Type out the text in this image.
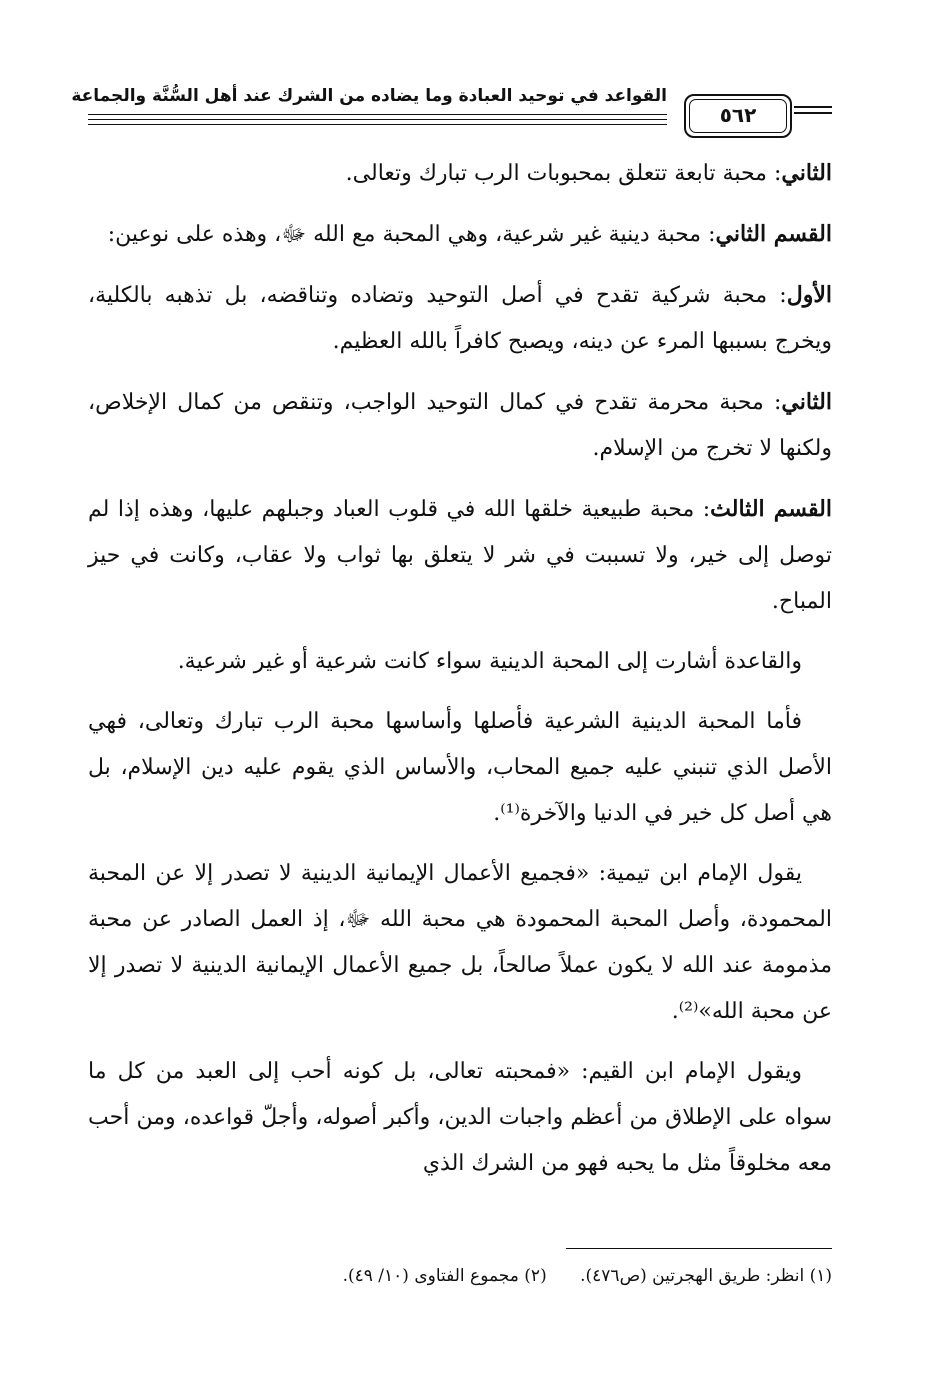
القواعد في توحيد العبادة وما يضاده من الشرك عند أهل السُّنَّة والجماعة
٥٦٢

الثاني: محبة تابعة تتعلق بمحبوبات الرب تبارك وتعالى.

القسم الثاني: محبة دينية غير شرعية، وهي المحبة مع الله ﷻ، وهذه على نوعين:

الأول: محبة شركية تقدح في أصل التوحيد وتضاده وتناقضه، بل تذهبه بالكلية، ويخرج بسببها المرء عن دينه، ويصبح كافراً بالله العظيم.

الثاني: محبة محرمة تقدح في كمال التوحيد الواجب، وتنقص من كمال الإخلاص، ولكنها لا تخرج من الإسلام.

القسم الثالث: محبة طبيعية خلقها الله في قلوب العباد وجبلهم عليها، وهذه إذا لم توصل إلى خير، ولا تسببت في شر لا يتعلق بها ثواب ولا عقاب، وكانت في حيز المباح.

والقاعدة أشارت إلى المحبة الدينية سواء كانت شرعية أو غير شرعية.

فأما المحبة الدينية الشرعية فأصلها وأساسها محبة الرب تبارك وتعالى، فهي الأصل الذي تنبني عليه جميع المحاب، والأساس الذي يقوم عليه دين الإسلام، بل هي أصل كل خير في الدنيا والآخرة⁽¹⁾.

يقول الإمام ابن تيمية: «فجميع الأعمال الإيمانية الدينية لا تصدر إلا عن المحبة المحمودة، وأصل المحبة المحمودة هي محبة الله ﷻ، إذ العمل الصادر عن محبة مذمومة عند الله لا يكون عملاً صالحاً، بل جميع الأعمال الإيمانية الدينية لا تصدر إلا عن محبة الله»⁽²⁾.

ويقول الإمام ابن القيم: «فمحبته تعالى، بل كونه أحب إلى العبد من كل ما سواه على الإطلاق من أعظم واجبات الدين، وأكبر أصوله، وأجلّ قواعده، ومن أحب معه مخلوقاً مثل ما يحبه فهو من الشرك الذي

(١) انظر: طريق الهجرتين (ص٤٧٦). (٢) مجموع الفتاوى (١٠/ ٤٩).
